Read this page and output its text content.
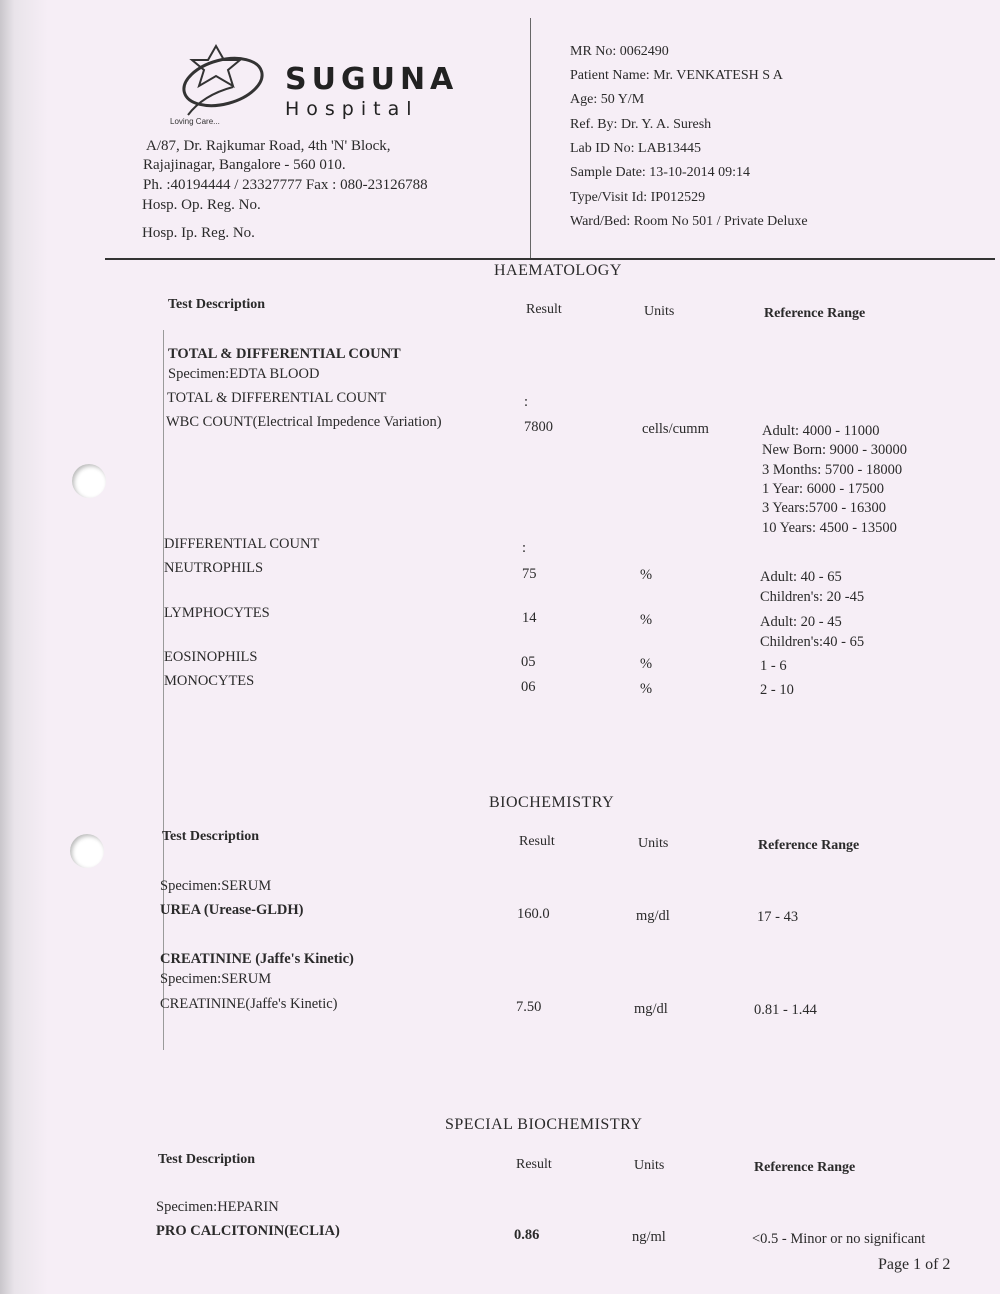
SUGUNA
Hospital
Loving Care...
A/87, Dr. Rajkumar Road, 4th 'N' Block,
Rajajinagar, Bangalore - 560 010.
Ph. :40194444 / 23327777 Fax : 080-23126788
Hosp. Op. Reg. No.
Hosp. Ip. Reg. No.
MR No: 0062490
Patient Name: Mr. VENKATESH S A
Age: 50 Y/M
Ref. By: Dr. Y. A. Suresh
Lab ID No: LAB13445
Sample Date: 13-10-2014 09:14
Type/Visit Id: IP012529
Ward/Bed: Room No 501 / Private Deluxe
HAEMATOLOGY
Test Description	Result	Units	Reference Range
TOTAL & DIFFERENTIAL COUNT
Specimen:EDTA BLOOD
TOTAL & DIFFERENTIAL COUNT	:
WBC COUNT(Electrical Impedence Variation)	7800	cells/cumm	Adult: 4000 - 11000
New Born: 9000 - 30000
3 Months: 5700 - 18000
1 Year: 6000 - 17500
3 Years:5700 - 16300
10 Years: 4500 - 13500
DIFFERENTIAL COUNT	:
NEUTROPHILS	75	%	Adult: 40 - 65
Children's: 20 -45
LYMPHOCYTES	14	%	Adult: 20 - 45
Children's:40 - 65
EOSINOPHILS	05	%	1 - 6
MONOCYTES	06	%	2 - 10
BIOCHEMISTRY
Test Description	Result	Units	Reference Range
Specimen:SERUM
UREA (Urease-GLDH)	160.0	mg/dl	17 - 43
CREATININE (Jaffe's Kinetic)
Specimen:SERUM
CREATININE(Jaffe's Kinetic)	7.50	mg/dl	0.81 - 1.44
SPECIAL BIOCHEMISTRY
Test Description	Result	Units	Reference Range
Specimen:HEPARIN
PRO CALCITONIN(ECLIA)	0.86	ng/ml	<0.5 - Minor or no significant
Page 1 of 2
